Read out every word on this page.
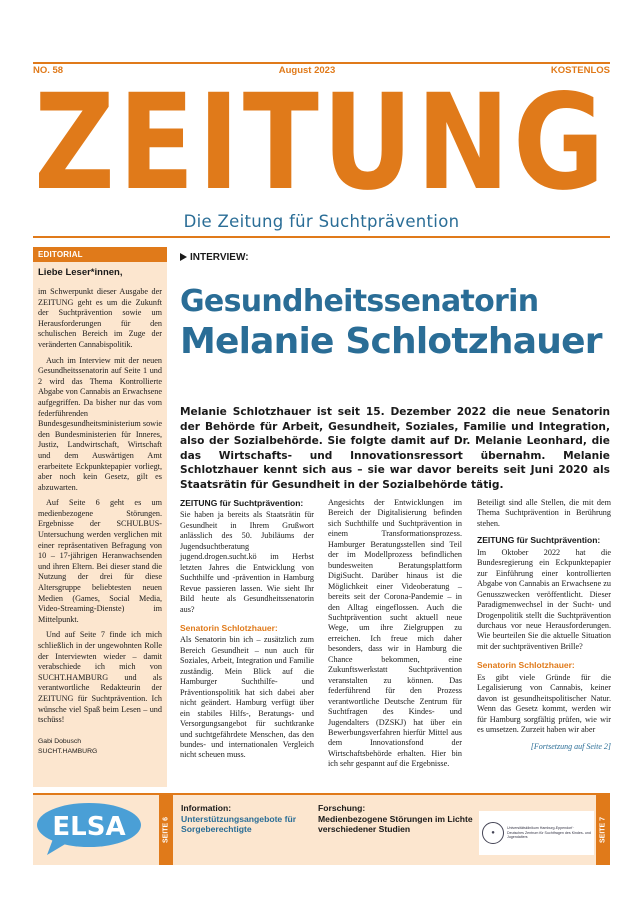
NO. 58	August 2023	KOSTENLOS
ZEITUNG
Die Zeitung für Suchtprävention
EDITORIAL
Liebe Leser*innen,

im Schwerpunkt dieser Ausgabe der ZEITUNG geht es um die Zukunft der Suchtprävention sowie um Herausforderungen für den schulischen Bereich im Zuge der veränderten Cannabispolitik.

Auch im Interview mit der neuen Gesundheitssenatorin auf Seite 1 und 2 wird das Thema Kontrollierte Abgabe von Cannabis an Erwachsene aufgegriffen. Da bisher nur das vom federführenden Bundesgesundheitsministerium sowie den Bundesministerien für Inneres, Justiz, Landwirtschaft, Wirtschaft und dem Auswärtigen Amt erarbeitete Eckpunktepapier vorliegt, aber noch kein Gesetz, gilt es abzuwarten.

Auf Seite 6 geht es um medienbezogene Störungen. Ergebnisse der SCHULBUS-Untersuchung werden verglichen mit einer repräsentativen Befragung von 10 – 17-jährigen Heranwachsenden und ihren Eltern. Bei dieser stand die Nutzung der drei für diese Altersgruppe beliebtesten neuen Medien (Games, Social Media, Video-Streaming-Dienste) im Mittelpunkt.

Und auf Seite 7 finde ich mich schließlich in der ungewohnten Rolle der Interviewten wieder – damit verabschiede ich mich von SUCHT.HAMBURG und als verantwortliche Redakteurin der ZEITUNG für Suchtprävention. Ich wünsche viel Spaß beim Lesen – und tschüss!

Gabi Dobusch
SUCHT.HAMBURG
INTERVIEW:
Gesundheitssenatorin
Melanie Schlotzhauer
Melanie Schlotzhauer ist seit 15. Dezember 2022 die neue Senatorin der Behörde für Arbeit, Gesundheit, Soziales, Familie und Integration, also der Sozialbehörde. Sie folgte damit auf Dr. Melanie Leonhard, die das Wirtschafts- und Innovationsressort übernahm. Melanie Schlotzhauer kennt sich aus – sie war davor bereits seit Juni 2020 als Staatsrätin für Gesundheit in der Sozialbehörde tätig.
ZEITUNG für Suchtprävention:

Sie haben ja bereits als Staatsrätin für Gesundheit in Ihrem Grußwort anlässlich des 50. Jubiläums der Jugendsuchtberatung jugend.drogen.sucht.kö im Herbst letzten Jahres die Entwicklung von Suchthilfe und -prävention in Hamburg Revue passieren lassen. Wie sieht Ihr Bild heute als Gesundheitssenatorin aus?

Senatorin Schlotzhauer:

Als Senatorin bin ich – zusätzlich zum Bereich Gesundheit – nun auch für Soziales, Arbeit, Integration und Familie zuständig. Mein Blick auf die Hamburger Suchthilfe- und Präventionspolitik hat sich dabei aber nicht geändert. Hamburg verfügt über ein stabiles Hilfs-, Beratungs- und Versorgungsangebot für suchtkranke und suchtgefährdete Menschen, das den bundes- und internationalen Vergleich nicht scheuen muss.

Angesichts der Entwicklungen im Bereich der Digitalisierung befinden sich Suchthilfe und Suchtprävention in einem Transformationsprozess. Hamburger Beratungsstellen sind Teil der im Modellprozess befindlichen bundesweiten Beratungsplattform DigiSucht. Darüber hinaus ist die Möglichkeit einer Videoberatung – bereits seit der Corona-Pandemie – in den Alltag eingeflossen. Auch die Suchtprävention sucht aktuell neue Wege, um ihre Zielgruppen zu erreichen. Ich freue mich daher besonders, dass wir in Hamburg die Chance bekommen, eine Zukunftswerkstatt Suchtprävention veranstalten zu können. Das federführend für den Prozess verantwortliche Deutsche Zentrum für Suchtfragen des Kindes- und Jugendalters (DZSKJ) hat über ein Bewerbungsverfahren hierfür Mittel aus dem Innovationsfond der Wirtschaftsbehörde erhalten. Hier bin ich sehr gespannt auf die Ergebnisse.

Beteiligt sind alle Stellen, die mit dem Thema Suchtprävention in Berührung stehen.

ZEITUNG für Suchtprävention:

Im Oktober 2022 hat die Bundesregierung ein Eckpunktepapier zur Einführung einer kontrollierten Abgabe von Cannabis an Erwachsene zu Genusszwecken veröffentlicht. Dieser Paradigmenwechsel in der Sucht- und Drogenpolitik stellt die Suchtprävention durchaus vor neue Herausforderungen. Wie beurteilen Sie die aktuelle Situation mit der suchtpräventiven Brille?

Senatorin Schlotzhauer:

Es gibt viele Gründe für die Legalisierung von Cannabis, keiner davon ist gesundheitspolitischer Natur. Wenn das Gesetz kommt, werden wir für Hamburg sorgfältig prüfen, wie wir es umsetzen. Zurzeit haben wir aber

[Fortsetzung auf Seite 2]
ELSA	SEITE 6
Information:
Unterstützungsangebote für Sorgeberechtigte
Forschung:
Medienbezogene Störungen im Lichte verschiedener Studien	●
Universitätsklinikum Hamburg-Eppendorf · Deutsches Zentrum für Suchtfragen des Kindes- und Jugendalters	SEITE 7
